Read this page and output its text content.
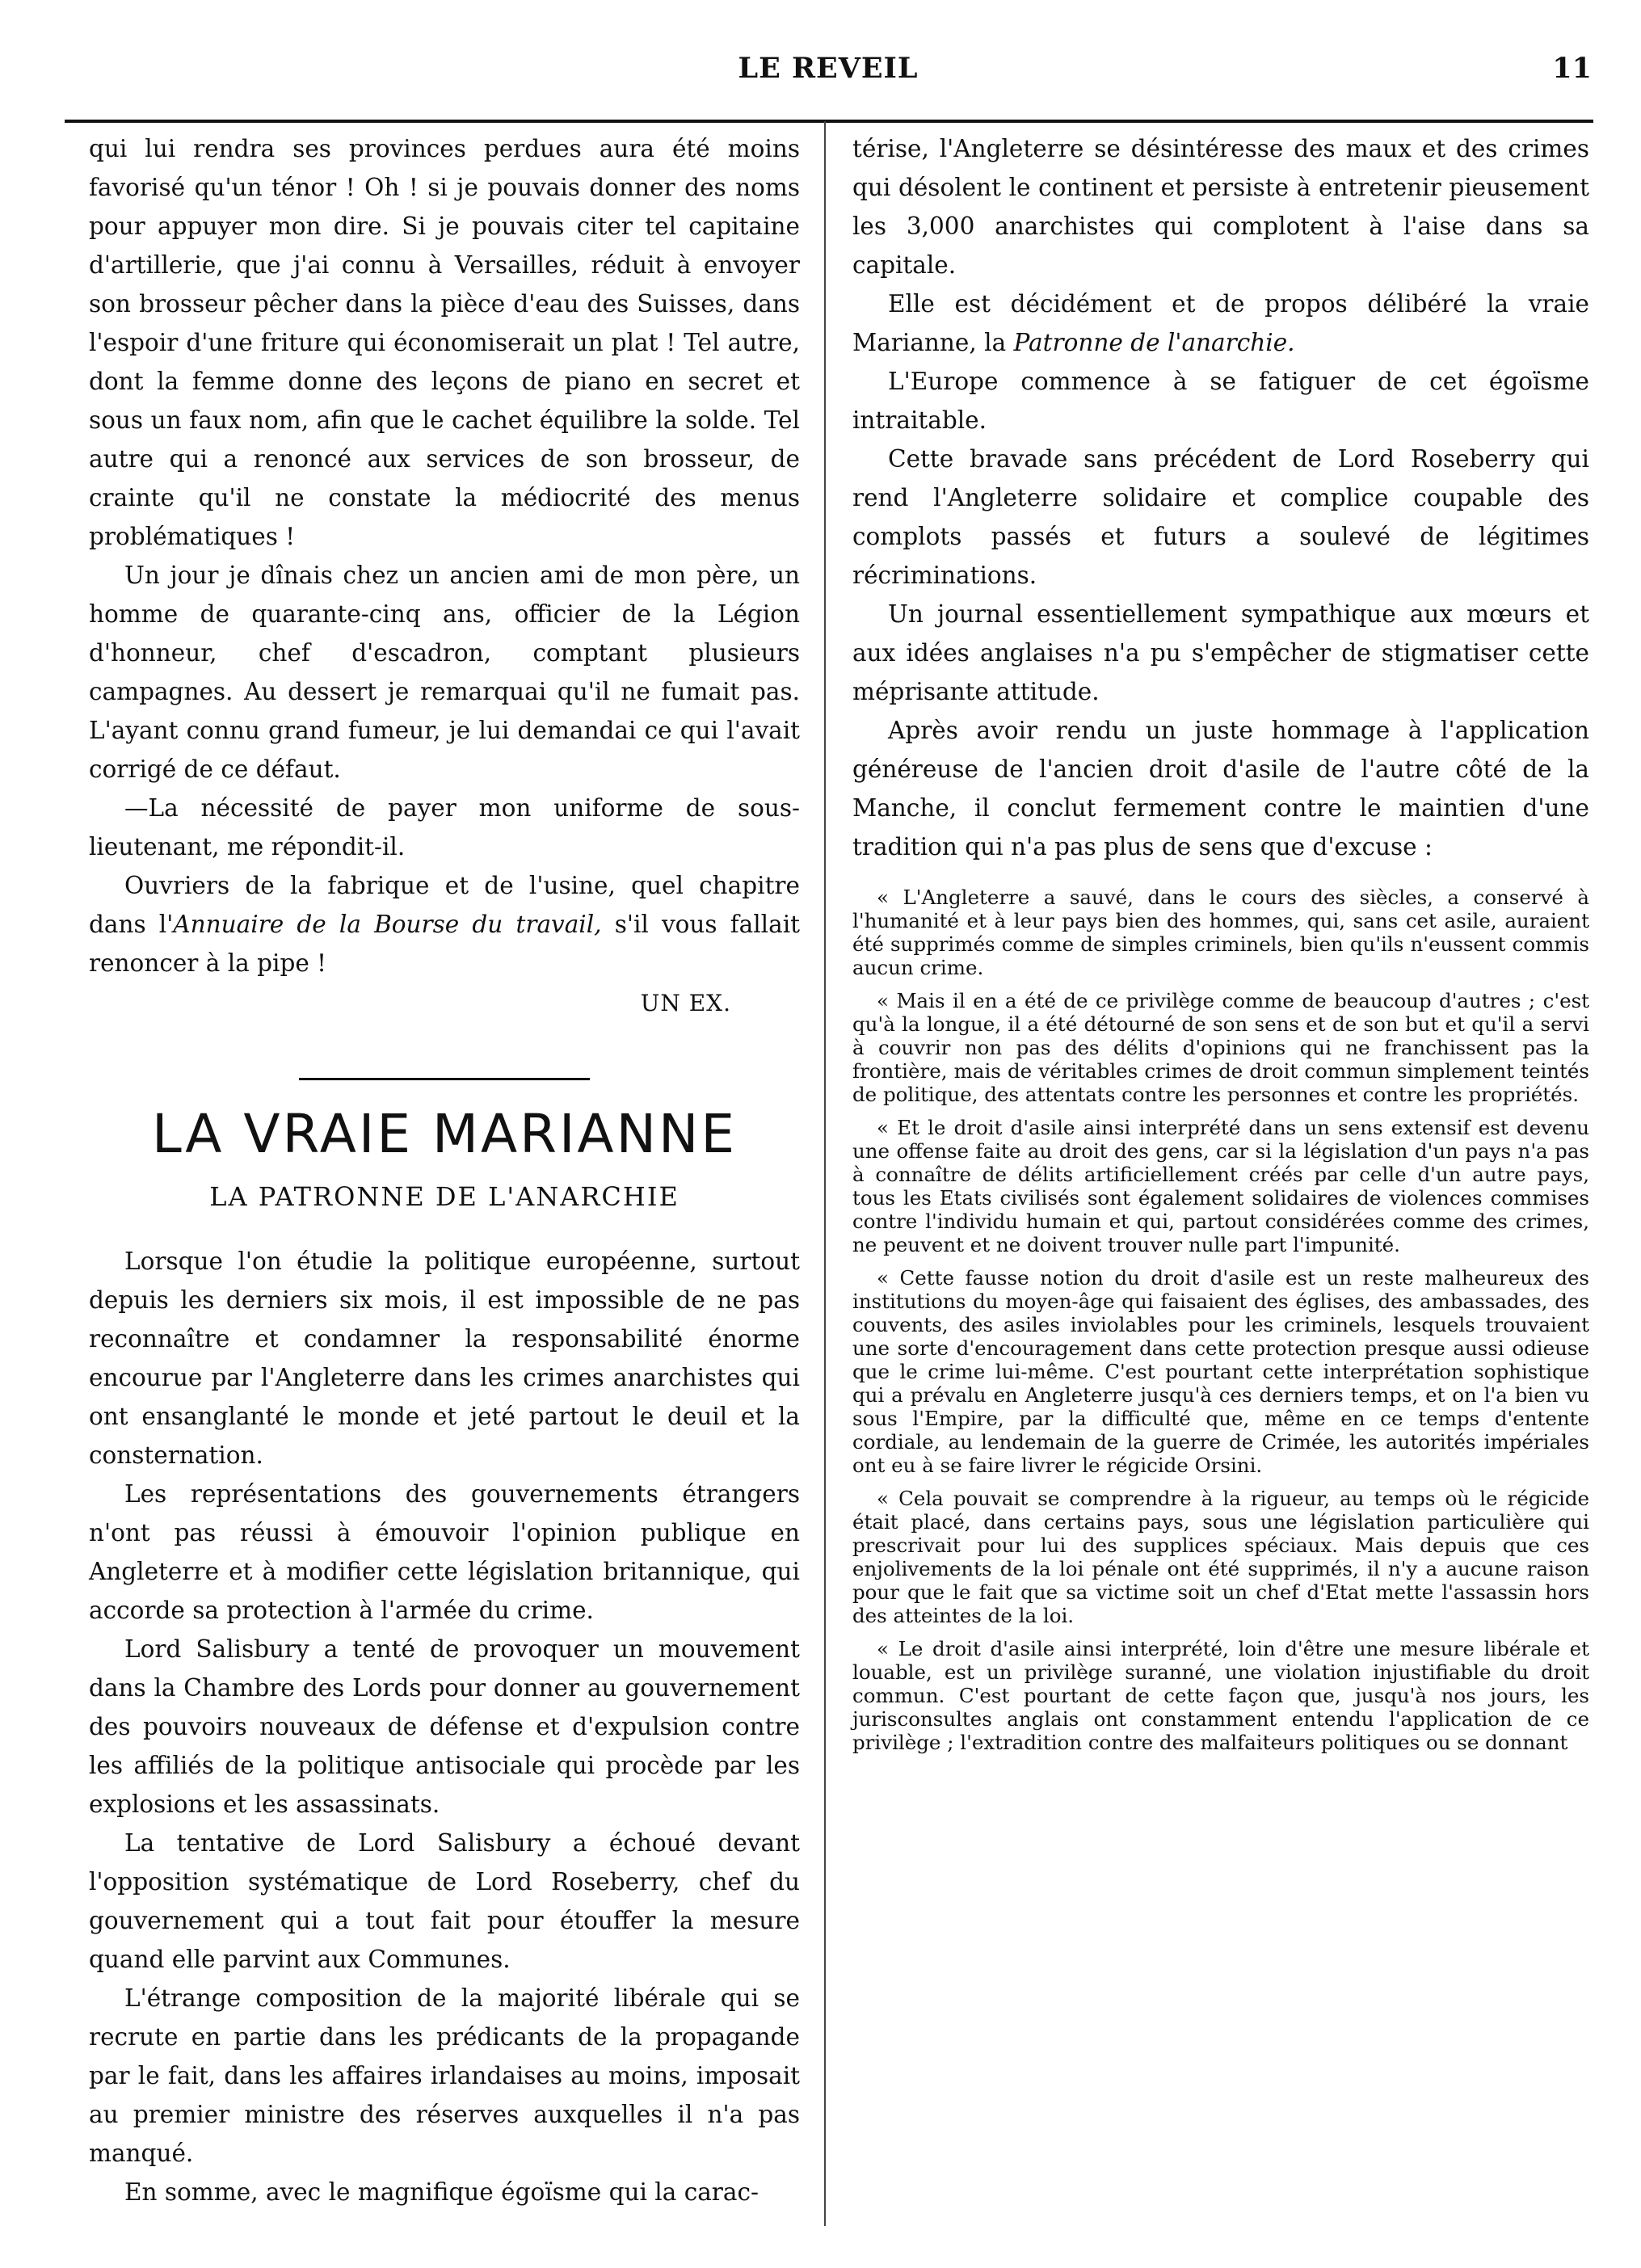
LE REVEIL	11

qui lui rendra ses provinces perdues aura été moins favorisé qu'un ténor ! Oh ! si je pouvais donner des noms pour appuyer mon dire. Si je pouvais citer tel capitaine d'artillerie, que j'ai connu à Versailles, réduit à envoyer son brosseur pêcher dans la pièce d'eau des Suisses, dans l'espoir d'une friture qui économiserait un plat ! Tel autre, dont la femme donne des leçons de piano en secret et sous un faux nom, afin que le cachet équilibre la solde. Tel autre qui a renoncé aux services de son brosseur, de crainte qu'il ne constate la médiocrité des menus problématiques !

Un jour je dînais chez un ancien ami de mon père, un homme de quarante-cinq ans, officier de la Légion d'honneur, chef d'escadron, comptant plusieurs campagnes. Au dessert je remarquai qu'il ne fumait pas. L'ayant connu grand fumeur, je lui demandai ce qui l'avait corrigé de ce défaut.

—La nécessité de payer mon uniforme de sous-lieutenant, me répondit-il.

Ouvriers de la fabrique et de l'usine, quel chapitre dans l'Annuaire de la Bourse du travail, s'il vous fallait renoncer à la pipe !

UN EX.

LA VRAIE MARIANNE
LA PATRONNE DE L'ANARCHIE

Lorsque l'on étudie la politique européenne, surtout depuis les derniers six mois, il est impossible de ne pas reconnaître et condamner la responsabilité énorme encourue par l'Angleterre dans les crimes anarchistes qui ont ensanglanté le monde et jeté partout le deuil et la consternation.

Les représentations des gouvernements étrangers n'ont pas réussi à émouvoir l'opinion publique en Angleterre et à modifier cette législation britannique, qui accorde sa protection à l'armée du crime.

Lord Salisbury a tenté de provoquer un mouvement dans la Chambre des Lords pour donner au gouvernement des pouvoirs nouveaux de défense et d'expulsion contre les affiliés de la politique antisociale qui procède par les explosions et les assassinats.

La tentative de Lord Salisbury a échoué devant l'opposition systématique de Lord Roseberry, chef du gouvernement qui a tout fait pour étouffer la mesure quand elle parvint aux Communes.

L'étrange composition de la majorité libérale qui se recrute en partie dans les prédicants de la propagande par le fait, dans les affaires irlandaises au moins, imposait au premier ministre des réserves auxquelles il n'a pas manqué.

En somme, avec le magnifique égoïsme qui la carac-

térise, l'Angleterre se désintéresse des maux et des crimes qui désolent le continent et persiste à entretenir pieusement les 3,000 anarchistes qui complotent à l'aise dans sa capitale.

Elle est décidément et de propos délibéré la vraie Marianne, la Patronne de l'anarchie.

L'Europe commence à se fatiguer de cet égoïsme intraitable.

Cette bravade sans précédent de Lord Roseberry qui rend l'Angleterre solidaire et complice coupable des complots passés et futurs a soulevé de légitimes récriminations.

Un journal essentiellement sympathique aux mœurs et aux idées anglaises n'a pu s'empêcher de stigmatiser cette méprisante attitude.

Après avoir rendu un juste hommage à l'application généreuse de l'ancien droit d'asile de l'autre côté de la Manche, il conclut fermement contre le maintien d'une tradition qui n'a pas plus de sens que d'excuse :

« L'Angleterre a sauvé, dans le cours des siècles, a conservé à l'humanité et à leur pays bien des hommes, qui, sans cet asile, auraient été supprimés comme de simples criminels, bien qu'ils n'eussent commis aucun crime.

« Mais il en a été de ce privilège comme de beaucoup d'autres ; c'est qu'à la longue, il a été détourné de son sens et de son but et qu'il a servi à couvrir non pas des délits d'opinions qui ne franchissent pas la frontière, mais de véritables crimes de droit commun simplement teintés de politique, des attentats contre les personnes et contre les propriétés.

« Et le droit d'asile ainsi interprété dans un sens extensif est devenu une offense faite au droit des gens, car si la législation d'un pays n'a pas à connaître de délits artificiellement créés par celle d'un autre pays, tous les Etats civilisés sont également solidaires de violences commises contre l'individu humain et qui, partout considérées comme des crimes, ne peuvent et ne doivent trouver nulle part l'impunité.

« Cette fausse notion du droit d'asile est un reste malheureux des institutions du moyen-âge qui faisaient des églises, des ambassades, des couvents, des asiles inviolables pour les criminels, lesquels trouvaient une sorte d'encouragement dans cette protection presque aussi odieuse que le crime lui-même. C'est pourtant cette interprétation sophistique qui a prévalu en Angleterre jusqu'à ces derniers temps, et on l'a bien vu sous l'Empire, par la difficulté que, même en ce temps d'entente cordiale, au lendemain de la guerre de Crimée, les autorités impériales ont eu à se faire livrer le régicide Orsini.

« Cela pouvait se comprendre à la rigueur, au temps où le régicide était placé, dans certains pays, sous une législation particulière qui prescrivait pour lui des supplices spéciaux. Mais depuis que ces enjolivements de la loi pénale ont été supprimés, il n'y a aucune raison pour que le fait que sa victime soit un chef d'Etat mette l'assassin hors des atteintes de la loi.

« Le droit d'asile ainsi interprété, loin d'être une mesure libérale et louable, est un privilège suranné, une violation injustifiable du droit commun. C'est pourtant de cette façon que, jusqu'à nos jours, les jurisconsultes anglais ont constamment entendu l'application de ce privilège ; l'extradition contre des malfaiteurs politiques ou se donnant
